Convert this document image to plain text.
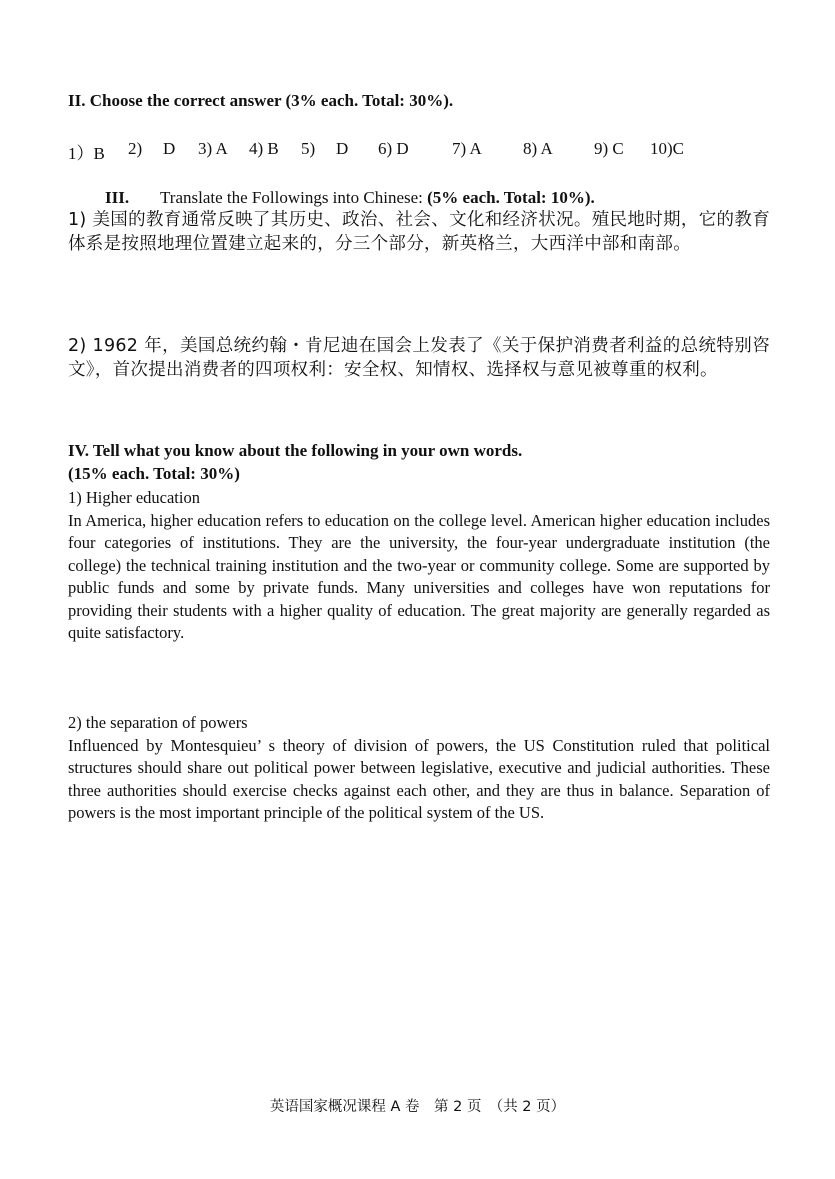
II. Choose the correct answer (3% each. Total: 30%).
1）B 2) D 3) A 4) B 5) D 6) D	7) A 8) A 9) C 10)C
III. Translate the Followings into Chinese: (5% each. Total: 10%).
1) 美国的教育通常反映了其历史、政治、社会、文化和经济状况。殖民地时期，它的教育体系是按照地理位置建立起来的，分三个部分，新英格兰，大西洋中部和南部。
2) 1962 年，美国总统约翰・肯尼迪在国会上发表了《关于保护消费者利益的总统特别咨文》，首次提出消费者的四项权利：安全权、知情权、选择权与意见被尊重的权利。
IV. Tell what you know about the following in your own words.
(15% each. Total: 30%)
1) Higher education
In America, higher education refers to education on the college level. American higher education includes four categories of institutions. They are the university, the four-year undergraduate institution (the college) the technical training institution and the two-year or community college. Some are supported by public funds and some by private funds. Many universities and colleges have won reputations for providing their students with a higher quality of education. The great majority are generally regarded as quite satisfactory.
2) the separation of powers
Influenced by Montesquieu’ s theory of division of powers, the US Constitution ruled that political structures should share out political power between legislative, executive and judicial authorities. These three authorities should exercise checks against each other, and they are thus in balance. Separation of powers is the most important principle of the political system of the US.
英语国家概况课程 A 卷　第 2 页　（共 2 页）
